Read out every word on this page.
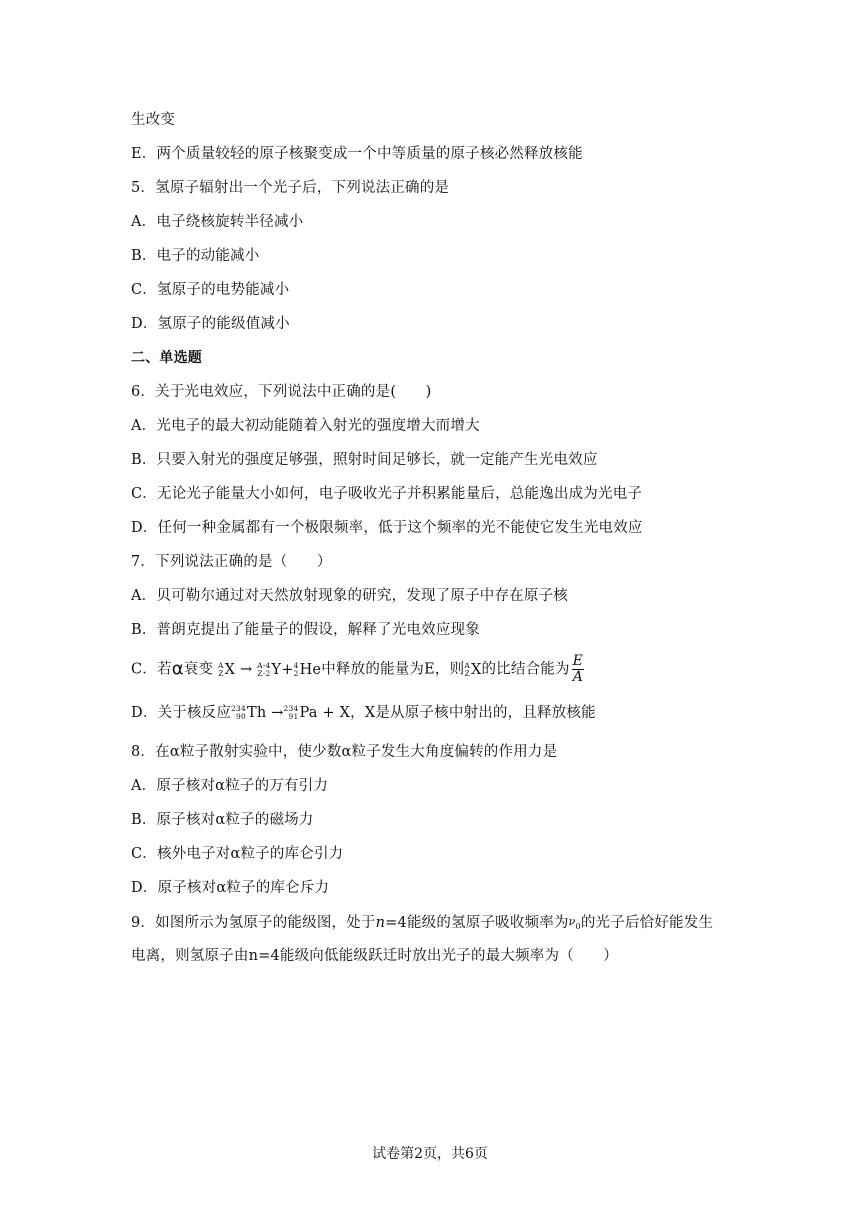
生改变
E．两个质量较轻的原子核聚变成一个中等质量的原子核必然释放核能
5．氢原子辐射出一个光子后，下列说法正确的是
A．电子绕核旋转半径减小
B．电子的动能减小
C．氢原子的电势能减小
D．氢原子的能级值减小
二、单选题
6．关于光电效应，下列说法中正确的是(　　)
A．光电子的最大初动能随着入射光的强度增大而增大
B．只要入射光的强度足够强，照射时间足够长，就一定能产生光电效应
C．无论光子能量大小如何，电子吸收光子并积累能量后，总能逸出成为光电子
D．任何一种金属都有一个极限频率，低于这个频率的光不能使它发生光电效应
7．下列说法正确的是（　　）
A．贝可勒尔通过对天然放射现象的研究，发现了原子中存在原子核
B．普朗克提出了能量子的假设，解释了光电效应现象
C．若α衰变 A
Z X → A-4
Z-2 Y+ 4
2 He中释放的能量为E，则 A
Z X的比结合能为 $\frac{E}{A}$
D．关于核反应 234
90 Th → 234
91 Pa + X，X是从原子核中射出的，且释放核能
8．在α粒子散射实验中，使少数α粒子发生大角度偏转的作用力是
A．原子核对α粒子的万有引力
B．原子核对α粒子的磁场力
C．核外电子对α粒子的库仑引力
D．原子核对α粒子的库仑斥力
9．如图所示为氢原子的能级图，处于n=4能级的氢原子吸收频率为ν0的光子后恰好能发生
电离，则氢原子由n=4能级向低能级跃迁时放出光子的最大频率为（　　）
试卷第2页，共6页
